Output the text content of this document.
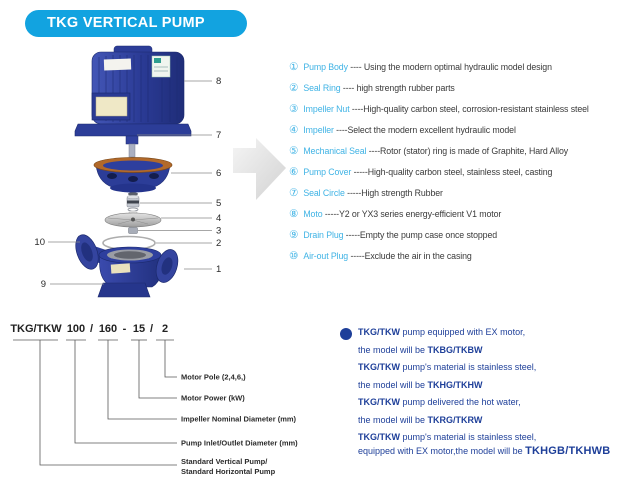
TKG VERTICAL PUMP
1
2
3
4
5
6
7
8
9
10
① Pump Body ---- Using the modern optimal hydraulic model design
② Seal Ring ---- high strength rubber parts
③ Impeller Nut ----High-quality carbon steel, corrosion-resistant stainless steel
④ Impeller ----Select the modern excellent hydraulic model
⑤ Mechanical Seal ----Rotor (stator) ring is made of Graphite, Hard Alloy
⑥ Pump Cover -----High-quality carbon steel, stainless steel, casting
⑦ Seal Circle -----High strength Rubber
⑧ Moto -----Y2 or YX3 series energy-efficient V1 motor
⑨ Drain Plug -----Empty the pump case once stopped
⑩ Air-out Plug -----Exclude the air in the casing
TKG/TKW 100 / 160 - 15 / 2
Motor Pole (2,4,6,)
Motor Power (kW)
Impeller Nominal Diameter (mm)
Pump Inlet/Outlet Diameter (mm)
Standard Vertical Pump/
Standard Horizontal Pump
TKG/TKW pump equipped with EX motor,
the model will be TKBG/TKBW
TKG/TKW pump's material is stainless steel,
the model will be TKHG/TKHW
TKG/TKW pump delivered the hot water,
the model will be TKRG/TKRW
TKG/TKW pump's material is stainless steel,
equipped with EX motor,the model will be TKHGB/TKHWB
